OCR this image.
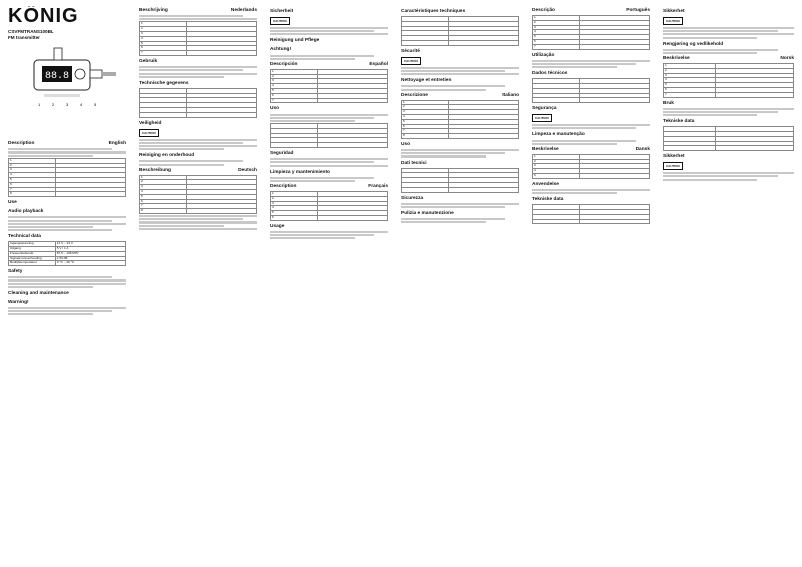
KÖNIG
CSVFMTRANS100BL
FM transmitter
88.8
1	2	3	4	5
Description	English
1	
2	
3	
4	
5	
6	
7	
8	
Use
Audio playback
Technical data
Ingangsspanning	12 V – 24 V
Uitgang	5 V / 1 A
Frequentiebereik	87,5 – 108 MHz
Signaal-ruisverhouding	≥ 60 dB
Bedrijfstemperatuur	0 °C – 40 °C
Safety
Cleaning and maintenance
Warning!
Beschrijving	Nederlands
1	
2	
3	
4	
5	
6	
7	
Gebruik
Technische gegevens

Veiligheid
CAUTION
Reiniging en onderhoud
Beschreibung	Deutsch
1	
2	
3	
4	
5	
6	
7	
8	
Sicherheit
CAUTION
Reinigung und Pflege
Achtung!
Descripción	Español
1	
2	
3	
4	
5	
6	
7	
Uso

Seguridad
Limpieza y mantenimiento
Description	Français
1	
2	
3	
4	
5	
6	
Usage
Caractéristiques techniques

Sécurité
CAUTION
Nettoyage et entretien
Descrizione	Italiano
1	
2	
3	
4	
5	
6	
7	
8	
Uso
Dati tecnici

Sicurezza
Pulizia e manutenzione
Descrição	Português
1	
2	
3	
4	
5	
6	
7	
Utilização
Dados técnicos

Segurança
CAUTION
Limpeza e manutenção
Beskrivelse	Dansk
1	
2	
3	
4	
5	
Anvendelse
Tekniske data

Sikkerhet
CAUTION
Rengjøring og vedlikehold
Beskrivelse	Norsk
1	
2	
3	
4	
5	
6	
7	
Bruk
Tekniske data

Sikkerhet
CAUTION
